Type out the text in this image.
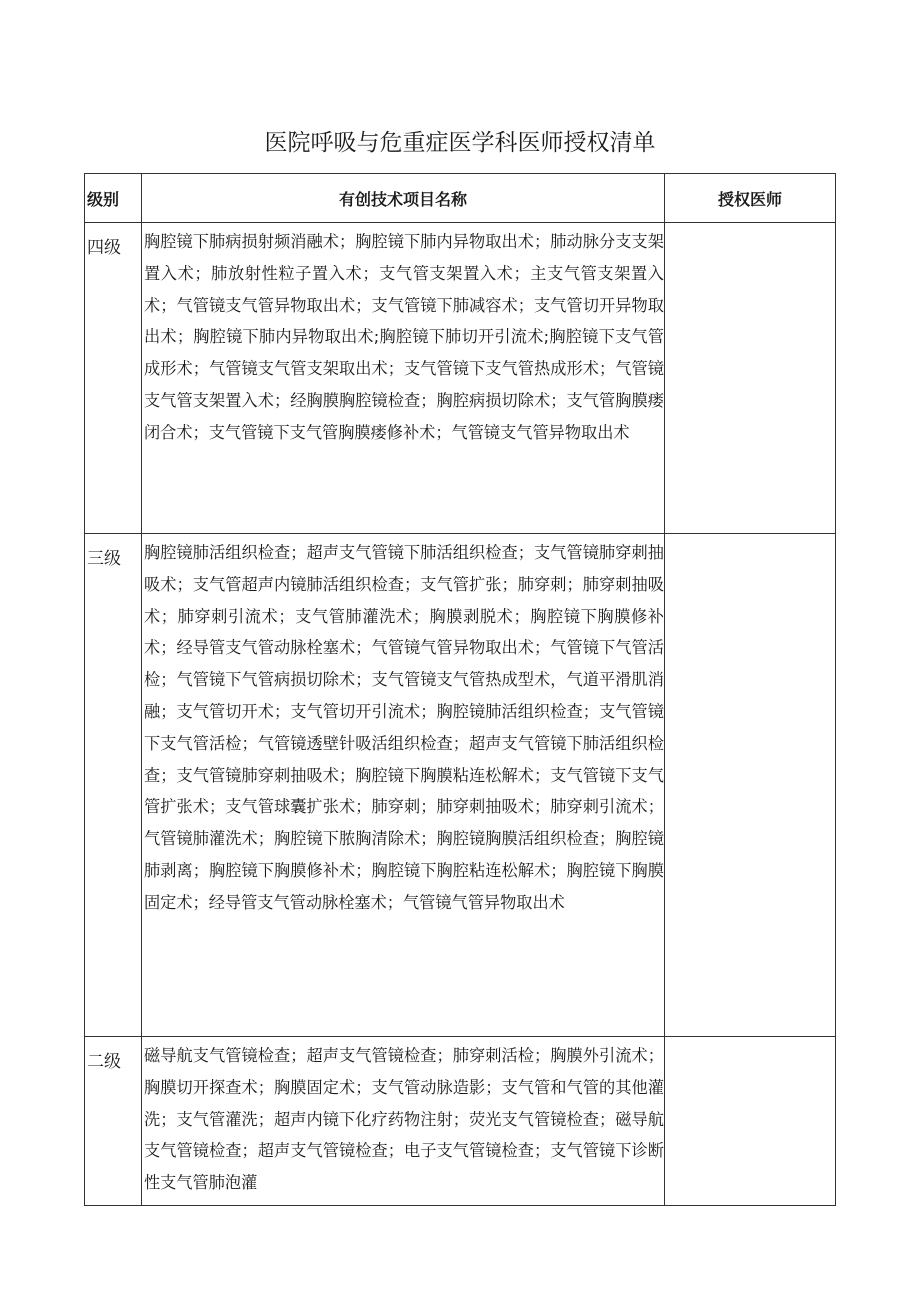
医院呼吸与危重症医学科医师授权清单
级别	有创技术项目名称	授权医师
四级	胸腔镜下肺病损射频消融术；胸腔镜下肺内异物取出术；肺动脉分支支架置入术；肺放射性粒子置入术；支气管支架置入术；主支气管支架置入术；气管镜支气管异物取出术；支气管镜下肺减容术；支气管切开异物取出术；胸腔镜下肺内异物取出术;胸腔镜下肺切开引流术;胸腔镜下支气管成形术；气管镜支气管支架取出术；支气管镜下支气管热成形术；气管镜支气管支架置入术；经胸膜胸腔镜检查；胸腔病损切除术；支气管胸膜瘘闭合术；支气管镜下支气管胸膜瘘修补术；气管镜支气管异物取出术	
三级	胸腔镜肺活组织检查；超声支气管镜下肺活组织检查；支气管镜肺穿刺抽吸术；支气管超声内镜肺活组织检查；支气管扩张；肺穿刺；肺穿刺抽吸术；肺穿刺引流术；支气管肺灌洗术；胸膜剥脱术；胸腔镜下胸膜修补术；经导管支气管动脉栓塞术；气管镜气管异物取出术；气管镜下气管活检；气管镜下气管病损切除术；支气管镜支气管热成型术，气道平滑肌消融；支气管切开术；支气管切开引流术；胸腔镜肺活组织检查；支气管镜下支气管活检；气管镜透壁针吸活组织检查；超声支气管镜下肺活组织检查；支气管镜肺穿刺抽吸术；胸腔镜下胸膜粘连松解术；支气管镜下支气管扩张术；支气管球囊扩张术；肺穿刺；肺穿刺抽吸术；肺穿刺引流术；气管镜肺灌洗术；胸腔镜下脓胸清除术；胸腔镜胸膜活组织检查；胸腔镜肺剥离；胸腔镜下胸膜修补术；胸腔镜下胸腔粘连松解术；胸腔镜下胸膜固定术；经导管支气管动脉栓塞术；气管镜气管异物取出术	
二级	磁导航支气管镜检查；超声支气管镜检查；肺穿刺活检；胸膜外引流术；胸膜切开探查术；胸膜固定术；支气管动脉造影；支气管和气管的其他灌洗；支气管灌洗；超声内镜下化疗药物注射；荧光支气管镜检查；磁导航支气管镜检查；超声支气管镜检查；电子支气管镜检查；支气管镜下诊断性支气管肺泡灌	
